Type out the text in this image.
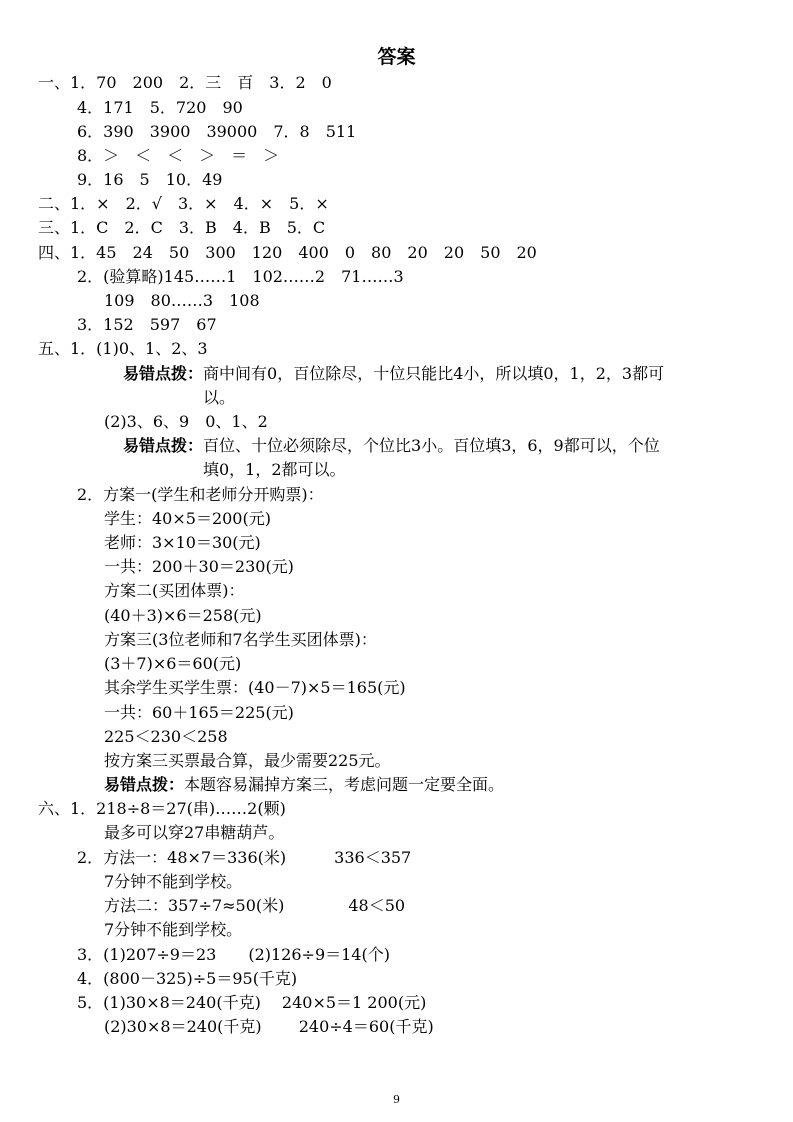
答案
一、1．70　200　2．三　百　3．2　0
4．171　5．720　90
6．390　3900　39000　7．8　511
8．＞　＜　＜　＞　＝　＞
9．16　5　10．49
二、1．×　2．√　3．×　4．×　5．×
三、1．C　2．C　3．B　4．B　5．C
四、1．45　24　50　300　120　400　0　80　20　20　50　20
2．(验算略)145……1　102……2　71……3
109　80……3　108
3．152　597　67
五、1．(1)0、1、2、3
易错点拨：商中间有0，百位除尽，十位只能比4小，所以填0，1，2，3都可
以。
(2)3、6、9　0、1、2
易错点拨：百位、十位必须除尽，个位比3小。百位填3，6，9都可以，个位
填0，1，2都可以。
2．方案一(学生和老师分开购票)：
学生：40×5＝200(元)
老师：3×10＝30(元)
一共：200＋30＝230(元)
方案二(买团体票)：
(40＋3)×6＝258(元)
方案三(3位老师和7名学生买团体票)：
(3＋7)×6＝60(元)
其余学生买学生票：(40－7)×5＝165(元)
一共：60＋165＝225(元)
225＜230＜258
按方案三买票最合算，最少需要225元。
易错点拨：本题容易漏掉方案三，考虑问题一定要全面。
六、1．218÷8＝27(串)……2(颗)
最多可以穿27串糖葫芦。
2．方法一：48×7＝336(米)　　　336＜357
7分钟不能到学校。
方法二：357÷7≈50(米)　　　　48＜50
7分钟不能到学校。
3．(1)207÷9＝23　　(2)126÷9＝14(个)
4．(800－325)÷5＝95(千克)
5．(1)30×8＝240(千克)　 240×5＝1 200(元)
(2)30×8＝240(千克)　　 240÷4＝60(千克)
9
